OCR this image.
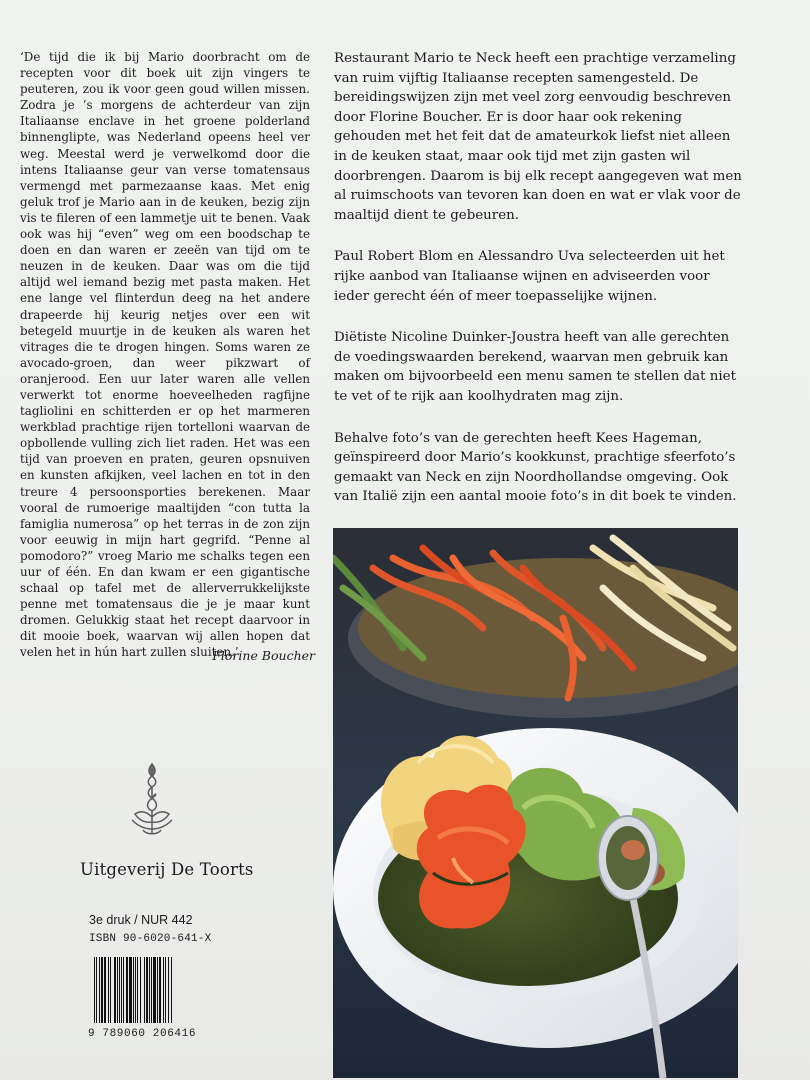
‘De tijd die ik bij Mario doorbracht om de recepten voor dit boek uit zijn vingers te peuteren, zou ik voor geen goud willen missen. Zodra je ’s morgens de achterdeur van zijn Italiaanse enclave in het groene polderland binnenglipte, was Nederland opeens heel ver weg. Meestal werd je verwelkomd door die intens Italiaanse geur van verse tomatensaus vermengd met parmezaanse kaas. Met enig geluk trof je Mario aan in de keuken, bezig zijn vis te fileren of een lammetje uit te benen. Vaak ook was hij “even” weg om een boodschap te doen en dan waren er zeeën van tijd om te neuzen in de keuken. Daar was om die tijd altijd wel iemand bezig met pasta maken. Het ene lange vel flinterdun deeg na het andere drapeerde hij keurig netjes over een wit betegeld muurtje in de keuken als waren het vitrages die te drogen hingen. Soms waren ze avocado-groen, dan weer pikzwart of oranjerood. Een uur later waren alle vellen verwerkt tot enorme hoeveelheden ragfijne tagliolini en schitterden er op het marmeren werkblad prachtige rijen tortelloni waarvan de opbollende vulling zich liet raden. Het was een tijd van proeven en praten, geuren opsnuiven en kunsten afkijken, veel lachen en tot in den treure 4 persoonsporties berekenen. Maar vooral de rumoerige maaltijden “con tutta la famiglia numerosa” op het terras in de zon zijn voor eeuwig in mijn hart gegrifd. “Penne al pomodoro?” vroeg Mario me schalks tegen een uur of één. En dan kwam er een gigantische schaal op tafel met de allerverrukkelijkste penne met tomatensaus die je je maar kunt dromen. Gelukkig staat het recept daarvoor in dit mooie boek, waarvan wij allen hopen dat velen het in hún hart zullen sluiten.’

Florine Boucher

Restaurant Mario te Neck heeft een prachtige verzameling van ruim vijftig Italiaanse recepten samengesteld. De bereidingswijzen zijn met veel zorg eenvoudig beschreven door Florine Boucher. Er is door haar ook rekening gehouden met het feit dat de amateurkok liefst niet alleen in de keuken staat, maar ook tijd met zijn gasten wil doorbrengen. Daarom is bij elk recept aangegeven wat men al ruimschoots van tevoren kan doen en wat er vlak voor de maaltijd dient te gebeuren.

Paul Robert Blom en Alessandro Uva selecteerden uit het rijke aanbod van Italiaanse wijnen en adviseerden voor ieder gerecht één of meer toepasselijke wijnen.

Diëtiste Nicoline Duinker-Joustra heeft van alle gerechten de voedingswaarden berekend, waarvan men gebruik kan maken om bijvoorbeeld een menu samen te stellen dat niet te vet of te rijk aan koolhydraten mag zijn.

Behalve foto’s van de gerechten heeft Kees Hageman, geïnspireerd door Mario’s kookkunst, prachtige sfeerfoto’s gemaakt van Neck en zijn Noordhollandse omgeving. Ook van Italië zijn een aantal mooie foto’s in dit boek te vinden.

Uitgeverij De Toorts

3e druk / NUR 442

ISBN 90-6020-641-X

9 789060 206416
